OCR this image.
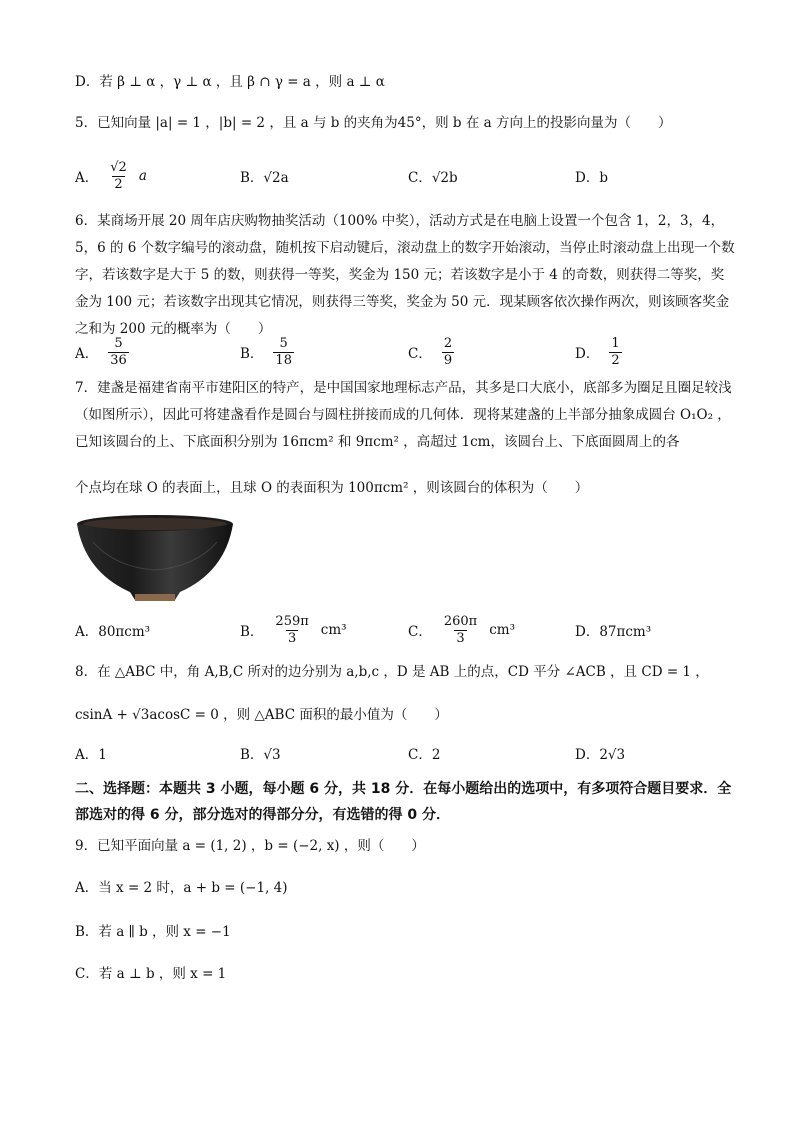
D．若 β ⊥ α ，γ ⊥ α ，且 β ∩ γ = a ，则 a ⊥ α
5．已知向量 |a| = 1 ，|b| = 2 ，且 a 与 b 的夹角为45°，则 b 在 a 方向上的投影向量为（　　）
A． $\frac{√2}{2}$ a	B．√2a	C．√2b	D．b
6．某商场开展 20 周年店庆购物抽奖活动（100% 中奖），活动方式是在电脑上设置一个包含 1，2，3，4，5，6 的 6 个数字编号的滚动盘，随机按下启动键后，滚动盘上的数字开始滚动，当停止时滚动盘上出现一个数字，若该数字是大于 5 的数，则获得一等奖，奖金为 150 元；若该数字是小于 4 的奇数，则获得二等奖，奖金为 100 元；若该数字出现其它情况，则获得三等奖，奖金为 50 元．现某顾客依次操作两次，则该顾客奖金之和为 200 元的概率为（　　）
A． $\frac{5}{36}$	B． $\frac{5}{18}$	C． $\frac{2}{9}$	D． $\frac{1}{2}$
7．建盏是福建省南平市建阳区的特产，是中国国家地理标志产品，其多是口大底小，底部多为圈足且圈足较浅（如图所示），因此可将建盏看作是圆台与圆柱拼接而成的几何体．现将某建盏的上半部分抽象成圆台 O₁O₂ ，已知该圆台的上、下底面积分别为 16πcm² 和 9πcm² ，高超过 1cm，该圆台上、下底面圆周上的各
个点均在球 O 的表面上，且球 O 的表面积为 100πcm² ，则该圆台的体积为（　　）
A．80πcm³	B． $\frac{259\pi}{3} cm^3$	C． $\frac{260\pi}{3} cm^3$	D．87πcm³
8．在 △ABC 中，角 A,B,C 所对的边分别为 a,b,c ，D 是 AB 上的点，CD 平分 ∠ACB ，且 CD = 1 ，
csinA + √3acosC = 0 ，则 △ABC 面积的最小值为（　　）
A．1	B．√3	C．2	D．2√3
二、选择题：本题共 3 小题，每小题 6 分，共 18 分．在每小题给出的选项中，有多项符合题目要求．全部选对的得 6 分，部分选对的得部分分，有选错的得 0 分．
9．已知平面向量 a = (1, 2) ，b = (−2, x) ，则（　　）
A．当 x = 2 时，a + b = (−1, 4)
B．若 a ∥ b ，则 x = −1
C．若 a ⊥ b ，则 x = 1
